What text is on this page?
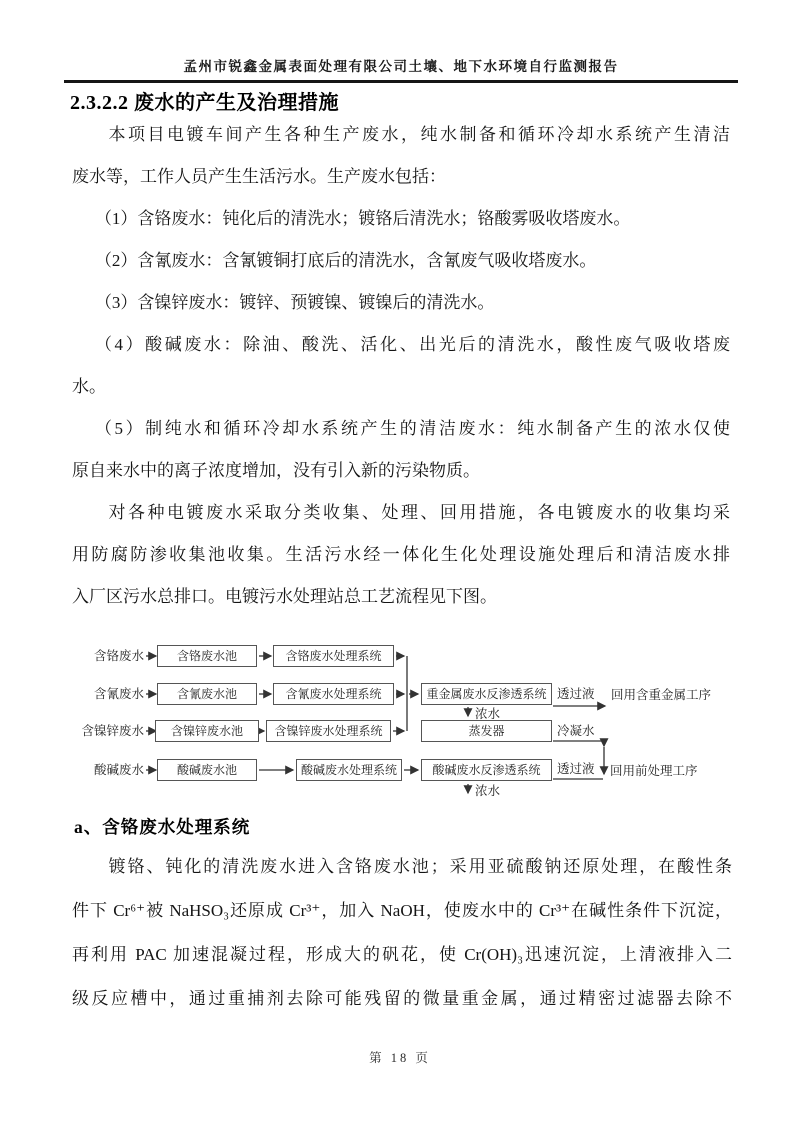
孟州市锐鑫金属表面处理有限公司土壤、地下水环境自行监测报告
2.3.2.2 废水的产生及治理措施
本项目电镀车间产生各种生产废水，纯水制备和循环冷却水系统产生清洁
废水等，工作人员产生生活污水。生产废水包括：
（1）含铬废水：钝化后的清洗水；镀铬后清洗水；铬酸雾吸收塔废水。
（2）含氰废水：含氰镀铜打底后的清洗水，含氰废气吸收塔废水。
（3）含镍锌废水：镀锌、预镀镍、镀镍后的清洗水。
（4）酸碱废水：除油、酸洗、活化、出光后的清洗水，酸性废气吸收塔废
水。
（5）制纯水和循环冷却水系统产生的清洁废水：纯水制备产生的浓水仅使
原自来水中的离子浓度增加，没有引入新的污染物质。
对各种电镀废水采取分类收集、处理、回用措施，各电镀废水的收集均采
用防腐防渗收集池收集。生活污水经一体化生化处理设施处理后和清洁废水排
入厂区污水总排口。电镀污水处理站总工艺流程见下图。
含铬废水
含氰废水
含镍锌废水
酸碱废水
含铬废水池
含氰废水池
含镍锌废水池
酸碱废水池
含铬废水处理系统
含氰废水处理系统
含镍锌废水处理系统
酸碱废水处理系统
重金属废水反渗透系统
蒸发器
酸碱废水反渗透系统
透过液 回用含重金属工序
浓水
冷凝水
透过液 回用前处理工序
浓水
a、含铬废水处理系统
镀铬、钝化的清洗废水进入含铬废水池；采用亚硫酸钠还原处理，在酸性条
件下 Cr⁶⁺被 NaHSO₃还原成 Cr³⁺，加入 NaOH，使废水中的 Cr³⁺在碱性条件下沉淀，
再利用 PAC 加速混凝过程，形成大的矾花，使 Cr(OH)₃迅速沉淀，上清液排入二
级反应槽中，通过重捕剂去除可能残留的微量重金属，通过精密过滤器去除不
第 18 页
